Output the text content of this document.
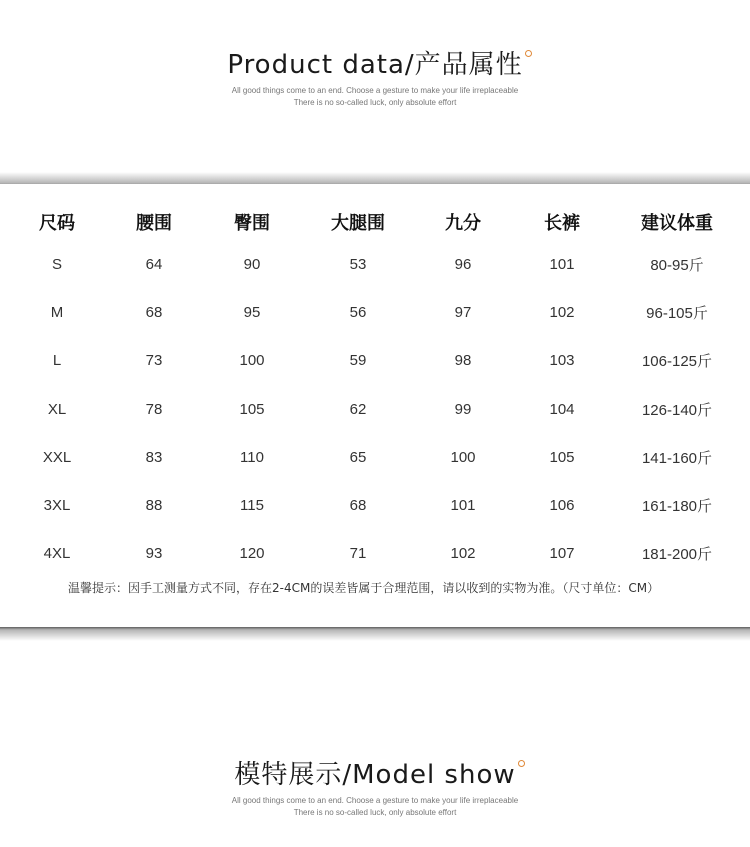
Product data/产品属性
All good things come to an end. Choose a gesture to make your life irreplaceable
There is no so-called luck, only absolute effort
尺码	腰围	臀围	大腿围	九分	长裤	建议体重
S	64	90	53	96	101	80-95斤
M	68	95	56	97	102	96-105斤
L	73	100	59	98	103	106-125斤
XL	78	105	62	99	104	126-140斤
XXL	83	110	65	100	105	141-160斤
3XL	88	115	68	101	106	161-180斤
4XL	93	120	71	102	107	181-200斤
温馨提示：因手工测量方式不同，存在2-4CM的误差皆属于合理范围，请以收到的实物为准。（尺寸单位：CM）
模特展示/Model show
All good things come to an end. Choose a gesture to make your life irreplaceable
There is no so-called luck, only absolute effort
